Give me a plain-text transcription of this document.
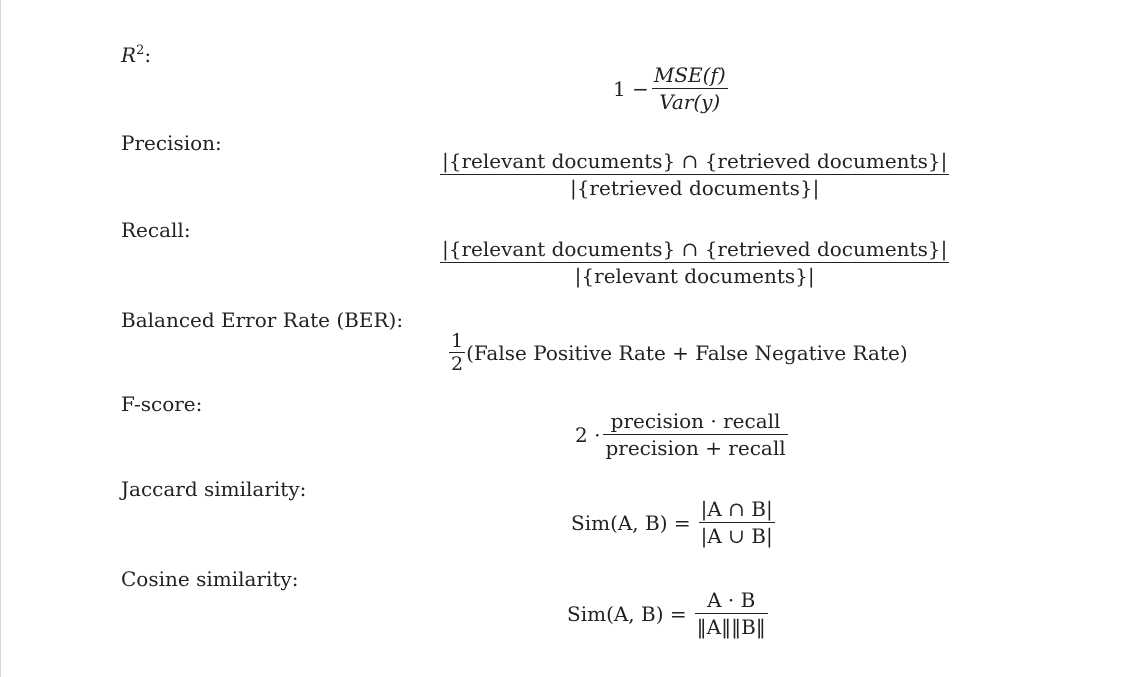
$R^2$:
$1 - \frac{\text{MSE(f)}}{\text{Var(y)}}$
Precision:
$\frac{\text{|\{relevant documents\} ∩ \{retrieved documents\}|}}{\text{|\{retrieved documents\}|}}$
Recall:
$\frac{\text{|\{relevant documents\} ∩ \{retrieved documents\}|}}{\text{|\{relevant documents\}|}}$
Balanced Error Rate (BER):
$\frac{1}{2}$ (False Positive Rate + False Negative Rate)
F-score:
$2 \cdot \frac{\text{precision · recall}}{\text{precision + recall}}$
Jaccard similarity:
Sim(A, $B) = \frac{|A \cap B|}{|A \cup B|}$
Cosine similarity:
Sim(A, $B) = \frac{A \cdot B}{‖A‖‖B‖}$
